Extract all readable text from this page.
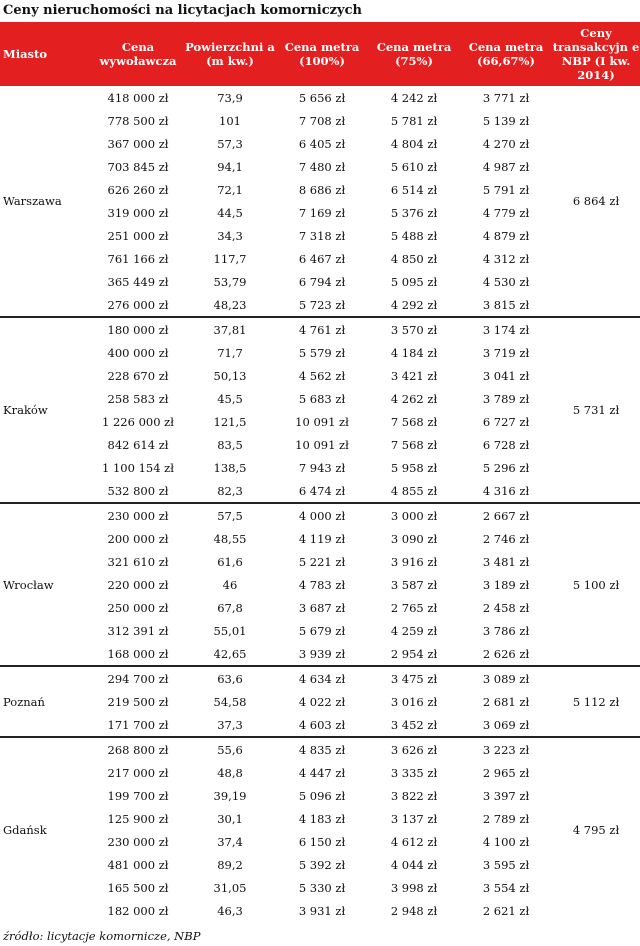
Ceny nieruchomości na licytacjach komorniczych
Miasto	Cena wywoławcza	Powierzchni a (m kw.)	Cena metra (100%)	Cena metra (75%)	Cena metra (66,67%)	Ceny transakcyjn e NBP (I kw. 2014)
Warszawa	418 000 zł	73,9	5 656 zł	4 242 zł	3 771 zł	6 864 zł
	778 500 zł	101	7 708 zł	5 781 zł	5 139 zł	
	367 000 zł	57,3	6 405 zł	4 804 zł	4 270 zł	
	703 845 zł	94,1	7 480 zł	5 610 zł	4 987 zł	
	626 260 zł	72,1	8 686 zł	6 514 zł	5 791 zł	
	319 000 zł	44,5	7 169 zł	5 376 zł	4 779 zł	
	251 000 zł	34,3	7 318 zł	5 488 zł	4 879 zł	
	761 166 zł	117,7	6 467 zł	4 850 zł	4 312 zł	
	365 449 zł	53,79	6 794 zł	5 095 zł	4 530 zł	
	276 000 zł	48,23	5 723 zł	4 292 zł	3 815 zł	
Kraków	180 000 zł	37,81	4 761 zł	3 570 zł	3 174 zł	5 731 zł
	400 000 zł	71,7	5 579 zł	4 184 zł	3 719 zł	
	228 670 zł	50,13	4 562 zł	3 421 zł	3 041 zł	
	258 583 zł	45,5	5 683 zł	4 262 zł	3 789 zł	
	1 226 000 zł	121,5	10 091 zł	7 568 zł	6 727 zł	
	842 614 zł	83,5	10 091 zł	7 568 zł	6 728 zł	
	1 100 154 zł	138,5	7 943 zł	5 958 zł	5 296 zł	
	532 800 zł	82,3	6 474 zł	4 855 zł	4 316 zł	
Wrocław	230 000 zł	57,5	4 000 zł	3 000 zł	2 667 zł	5 100 zł
	200 000 zł	48,55	4 119 zł	3 090 zł	2 746 zł	
	321 610 zł	61,6	5 221 zł	3 916 zł	3 481 zł	
	220 000 zł	46	4 783 zł	3 587 zł	3 189 zł	
	250 000 zł	67,8	3 687 zł	2 765 zł	2 458 zł	
	312 391 zł	55,01	5 679 zł	4 259 zł	3 786 zł	
	168 000 zł	42,65	3 939 zł	2 954 zł	2 626 zł	
Poznań	294 700 zł	63,6	4 634 zł	3 475 zł	3 089 zł	5 112 zł
	219 500 zł	54,58	4 022 zł	3 016 zł	2 681 zł	
	171 700 zł	37,3	4 603 zł	3 452 zł	3 069 zł	
Gdańsk	268 800 zł	55,6	4 835 zł	3 626 zł	3 223 zł	4 795 zł
	217 000 zł	48,8	4 447 zł	3 335 zł	2 965 zł	
	199 700 zł	39,19	5 096 zł	3 822 zł	3 397 zł	
	125 900 zł	30,1	4 183 zł	3 137 zł	2 789 zł	
	230 000 zł	37,4	6 150 zł	4 612 zł	4 100 zł	
	481 000 zł	89,2	5 392 zł	4 044 zł	3 595 zł	
	165 500 zł	31,05	5 330 zł	3 998 zł	3 554 zł	
	182 000 zł	46,3	3 931 zł	2 948 zł	2 621 zł	
źródło: licytacje komornicze, NBP
